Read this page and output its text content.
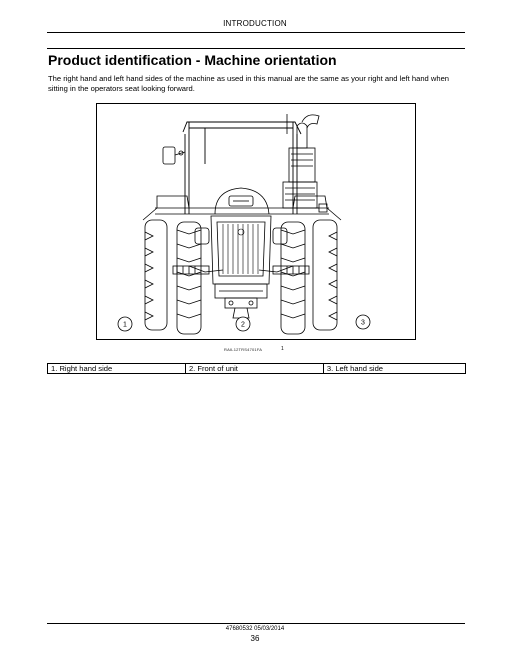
INTRODUCTION
Product identification - Machine orientation
The right hand and left hand sides of the machine as used in this manual are the same as your right and left hand when sitting in the operators seat looking forward.
1	2	3
RAIL12TRS4701FA	1
1. Right hand side	2. Front of unit	3. Left hand side
47680532 05/03/2014
36
